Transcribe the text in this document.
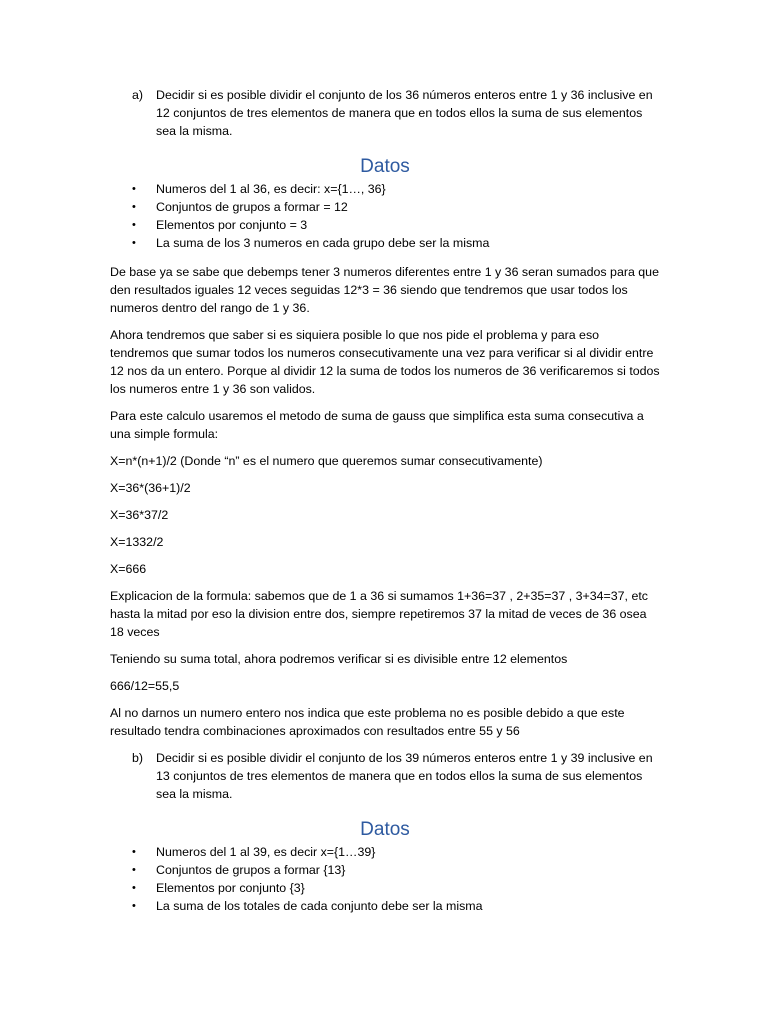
a)	Decidir si es posible dividir el conjunto de los 36 números enteros entre 1 y 36 inclusive en 12 conjuntos de tres elementos de manera que en todos ellos la suma de sus elementos sea la misma.
Datos
•	Numeros del 1 al 36, es decir: x={1…, 36}
•	Conjuntos de grupos a formar = 12
•	Elementos por conjunto = 3
•	La suma de los 3 numeros en cada grupo debe ser la misma

De base ya se sabe que debemps tener 3 numeros diferentes entre 1 y 36 seran sumados para que den resultados iguales 12 veces seguidas 12*3 = 36 siendo que tendremos que usar todos los numeros dentro del rango de 1 y 36.

Ahora tendremos que saber si es siquiera posible lo que nos pide el problema y para eso tendremos que sumar todos los numeros consecutivamente una vez para verificar si al dividir entre 12 nos da un entero. Porque al dividir 12 la suma de todos los numeros de 36 verificaremos si todos los numeros entre 1 y 36 son validos.

Para este calculo usaremos el metodo de suma de gauss que simplifica esta suma consecutiva a una simple formula:

X=n*(n+1)/2 (Donde “n” es el numero que queremos sumar consecutivamente)

X=36*(36+1)/2

X=36*37/2

X=1332/2

X=666

Explicacion de la formula: sabemos que de 1 a 36 si sumamos 1+36=37 , 2+35=37 , 3+34=37, etc hasta la mitad por eso la division entre dos, siempre repetiremos 37 la mitad de veces de 36 osea 18 veces

Teniendo su suma total, ahora podremos verificar si es divisible entre 12 elementos

666/12=55,5

Al no darnos un numero entero nos indica que este problema no es posible debido a que este resultado tendra combinaciones aproximados con resultados entre 55 y 56

b)	Decidir si es posible dividir el conjunto de los 39 números enteros entre 1 y 39 inclusive en 13 conjuntos de tres elementos de manera que en todos ellos la suma de sus elementos sea la misma.
Datos
•	Numeros del 1 al 39, es decir x={1…39}
•	Conjuntos de grupos a formar {13}
•	Elementos por conjunto {3}
•	La suma de los totales de cada conjunto debe ser la misma
